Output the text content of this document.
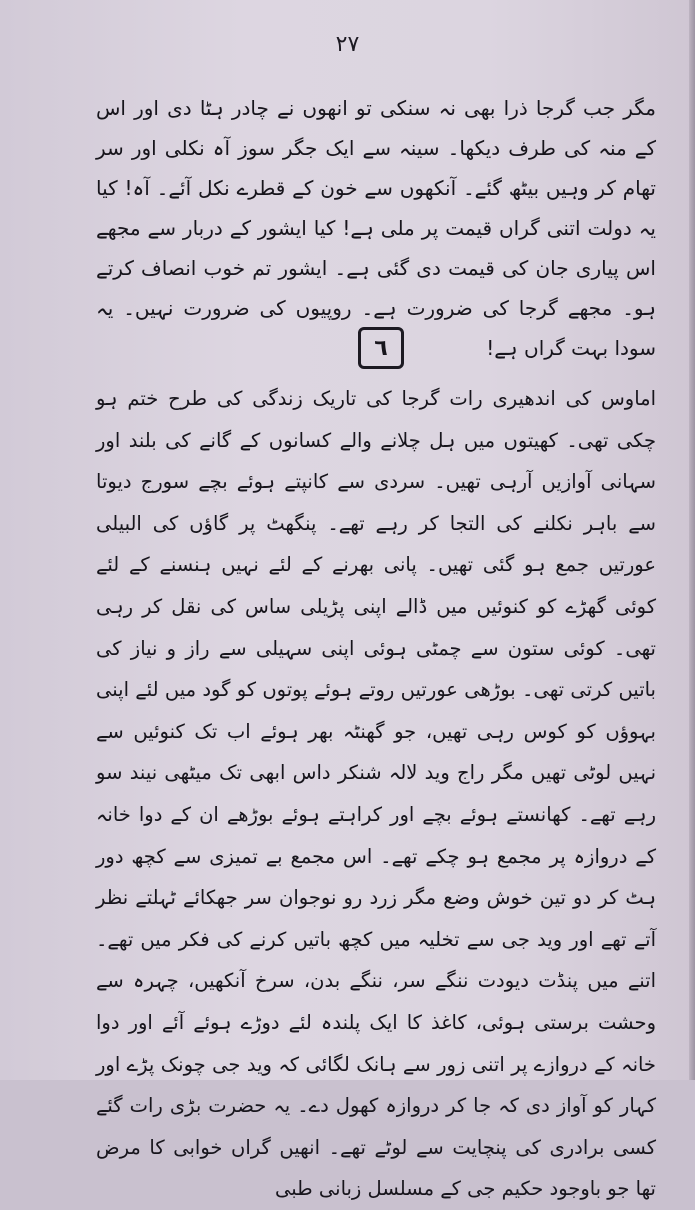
۲۷

مگر جب گرجا ذرا بھی نہ سنکی تو انھوں نے چادر ہٹا دی اور اس کے منہ کی طرف دیکھا۔ سینہ سے ایک جگر سوز آہ نکلی اور سر تھام کر وہیں بیٹھ گئے۔ آنکھوں سے خون کے قطرے نکل آئے۔ آہ! کیا یہ دولت اتنی گراں قیمت پر ملی ہے! کیا ایشور کے دربار سے مجھے اس پیاری جان کی قیمت دی گئی ہے۔ ایشور تم خوب انصاف کرتے ہو۔ مجھے گرجا کی ضرورت ہے۔ روپیوں کی ضرورت نہیں۔ یہ سودا بہت گراں ہے!

٦

اماوس کی اندھیری رات گرجا کی تاریک زندگی کی طرح ختم ہو چکی تھی۔ کھیتوں میں ہل چلانے والے کسانوں کے گانے کی بلند اور سہانی آوازیں آرہی تھیں۔ سردی سے کانپتے ہوئے بچے سورج دیوتا سے باہر نکلنے کی التجا کر رہے تھے۔ پنگھٹ پر گاؤں کی البیلی عورتیں جمع ہو گئی تھیں۔ پانی بھرنے کے لئے نہیں ہنسنے کے لئے کوئی گھڑے کو کنوئیں میں ڈالے اپنی پڑیلی ساس کی نقل کر رہی تھی۔ کوئی ستون سے چمٹی ہوئی اپنی سہیلی سے راز و نیاز کی باتیں کرتی تھی۔ بوڑھی عورتیں روتے ہوئے پوتوں کو گود میں لئے اپنی بہوؤں کو کوس رہی تھیں، جو گھنٹہ بھر ہوئے اب تک کنوئیں سے نہیں لوٹی تھیں مگر راج وید لالہ شنکر داس ابھی تک میٹھی نیند سو رہے تھے۔ کھانستے ہوئے بچے اور کراہتے ہوئے بوڑھے ان کے دوا خانہ کے دروازہ پر مجمع ہو چکے تھے۔ اس مجمع بے تمیزی سے کچھ دور ہٹ کر دو تین خوش وضع مگر زرد رو نوجوان سر جھکائے ٹہلتے نظر آتے تھے اور وید جی سے تخلیہ میں کچھ باتیں کرنے کی فکر میں تھے۔ اتنے میں پنڈت دیودت ننگے سر، ننگے بدن، سرخ آنکھیں، چہرہ سے وحشت برستی ہوئی، کاغذ کا ایک پلندہ لئے دوڑے ہوئے آئے اور دوا خانہ کے دروازے پر اتنی زور سے ہانک لگائی کہ وید جی چونک پڑے اور کہار کو آواز دی کہ جا کر دروازہ کھول دے۔ یہ حضرت بڑی رات گئے کسی برادری کی پنچایت سے لوٹے تھے۔ انھیں گراں خوابی کا مرض تھا جو باوجود حکیم جی کے مسلسل زبانی طبی
